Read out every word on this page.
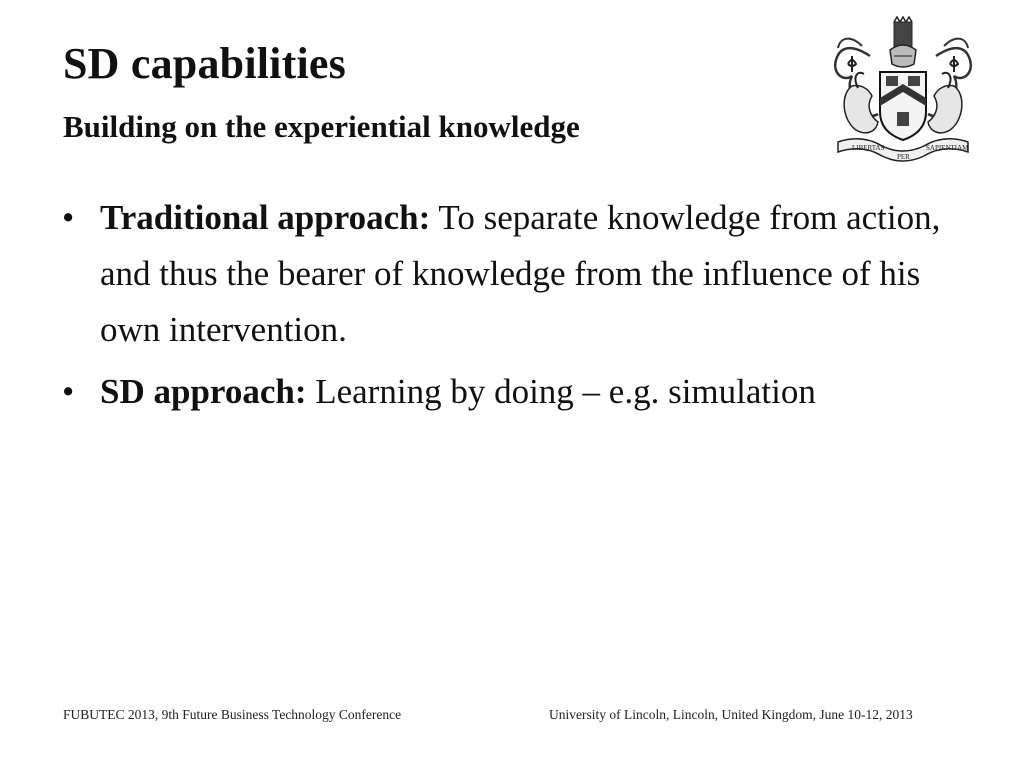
SD capabilities
Building on the experiential knowledge
LIBERTAS
PER
SAPIENTIAM
• Traditional approach: To separate knowledge from action, and thus the bearer of knowledge from the influence of his own intervention.
• SD approach: Learning by doing – e.g. simulation
FUBUTEC 2013, 9th Future Business Technology Conference	University of Lincoln, Lincoln, United Kingdom, June 10-12, 2013
